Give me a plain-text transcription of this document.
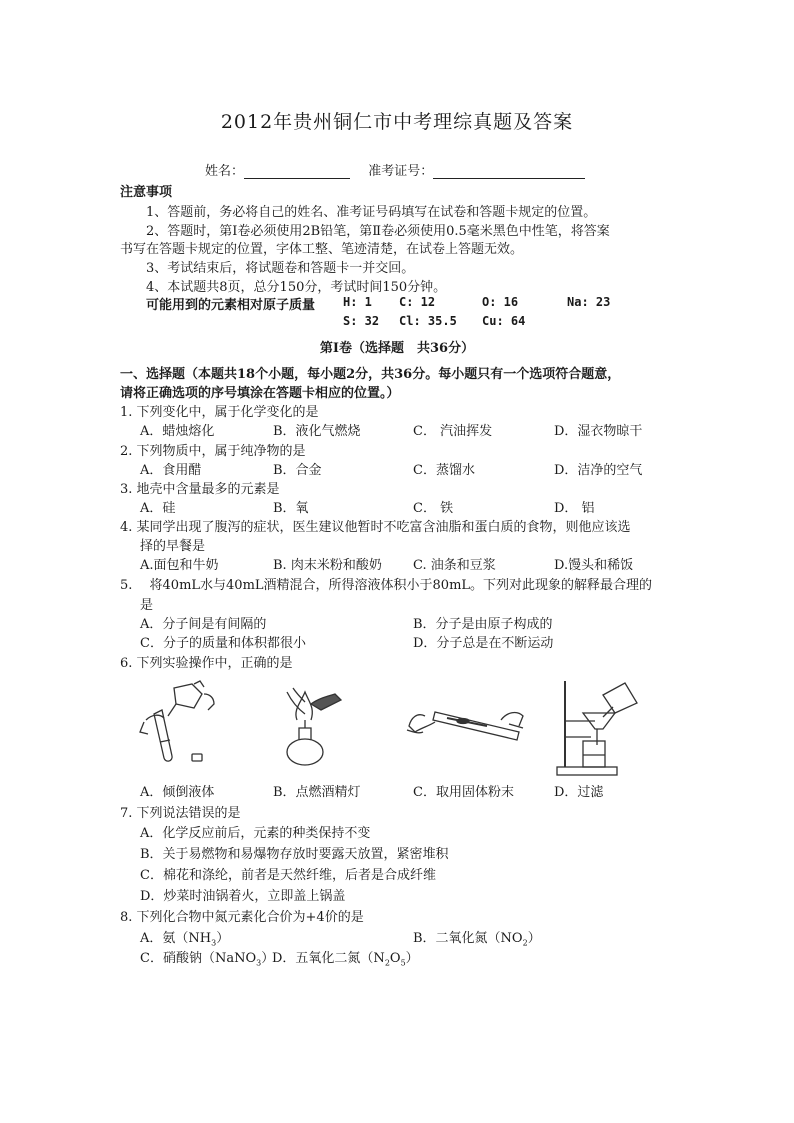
2012年贵州铜仁市中考理综真题及答案
姓名：	准考证号：
注意事项
1、答题前，务必将自己的姓名、准考证号码填写在试卷和答题卡规定的位置。
2、答题时，第Ⅰ卷必须使用2B铅笔，第Ⅱ卷必须使用0.5毫米黑色中性笔，将答案
书写在答题卡规定的位置，字体工整、笔迹清楚，在试卷上答题无效。
3、考试结束后，将试题卷和答题卡一并交回。
4、本试题共8页，总分150分，考试时间150分钟。
可能用到的元素相对原子质量 H: 1 C: 12	O: 16	Na: 23
S: 32 Cl: 35.5 Cu: 64
第Ⅰ卷（选择题　共36分）
一、选择题（本题共18个小题，每小题2分，共36分。每小题只有一个选项符合题意，
请将正确选项的序号填涂在答题卡相应的位置。）
1. 下列变化中，属于化学变化的是
A．蜡烛熔化	B．液化气燃烧	C． 汽油挥发	D．湿衣物晾干
2. 下列物质中，属于纯净物的是
A．食用醋	B．合金	C．蒸馏水	D．洁净的空气
3. 地壳中含量最多的元素是
A．硅	B．氧	C． 铁	D． 铝
4. 某同学出现了腹泻的症状，医生建议他暂时不吃富含油脂和蛋白质的食物，则他应该选
择的早餐是
A.面包和牛奶	B. 肉末米粉和酸奶 C. 油条和豆浆	D.馒头和稀饭
5.　 将40mL水与40mL酒精混合，所得溶液体积小于80mL。下列对此现象的解释最合理的
是
A．分子间是有间隔的	B．分子是由原子构成的
C．分子的质量和体积都很小	D．分子总是在不断运动
6. 下列实验操作中，正确的是
A．倾倒液体	B．点燃酒精灯	C．取用固体粉末	D．过滤
7. 下列说法错误的是
A．化学反应前后，元素的种类保持不变
B．关于易燃物和易爆物存放时要露天放置，紧密堆积
C．棉花和涤纶，前者是天然纤维，后者是合成纤维
D．炒菜时油锅着火，立即盖上锅盖
8. 下列化合物中氮元素化合价为+4价的是
A．氨$(NH_3)$	B．二氧化氮$(NO_2)$
C．硝酸钠（NaNO$_3$）
D．五氧化二氮$(N_2O_5)$
